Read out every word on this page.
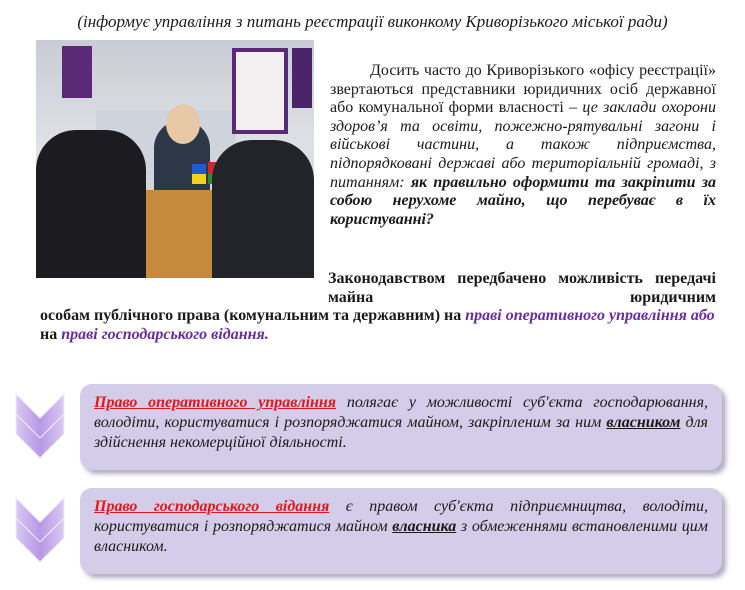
(інформує управління з питань реєстрації виконкому Криворізького міської ради)
Досить часто до Криворізького «офісу реєстрації» звертаються представники юридичних осіб державної або комунальної форми власності – це заклади охорони здоров’я та освіти, пожежно-рятувальні загони і військові частини, а також підприємства, підпорядковані державі або територіальній громаді, з питанням: як правильно оформити та закріпити за собою нерухоме майно, що перебуває в їх користуванні?
Законодавством передбачено можливість передачі майна юридичним
особам публічного права (комунальним та державним) на праві оперативного управління або на праві господарського відання.
Право оперативного управління полягає у можливості суб'єкта господарювання, володіти, користуватися і розпоряджатися майном, закріпленим за ним власником для здійснення некомерційної діяльності.
Право господарського відання є правом суб'єкта підприємництва, володіти, користуватися і розпоряджатися майном власника з обмеженнями встановленими цим власником.
